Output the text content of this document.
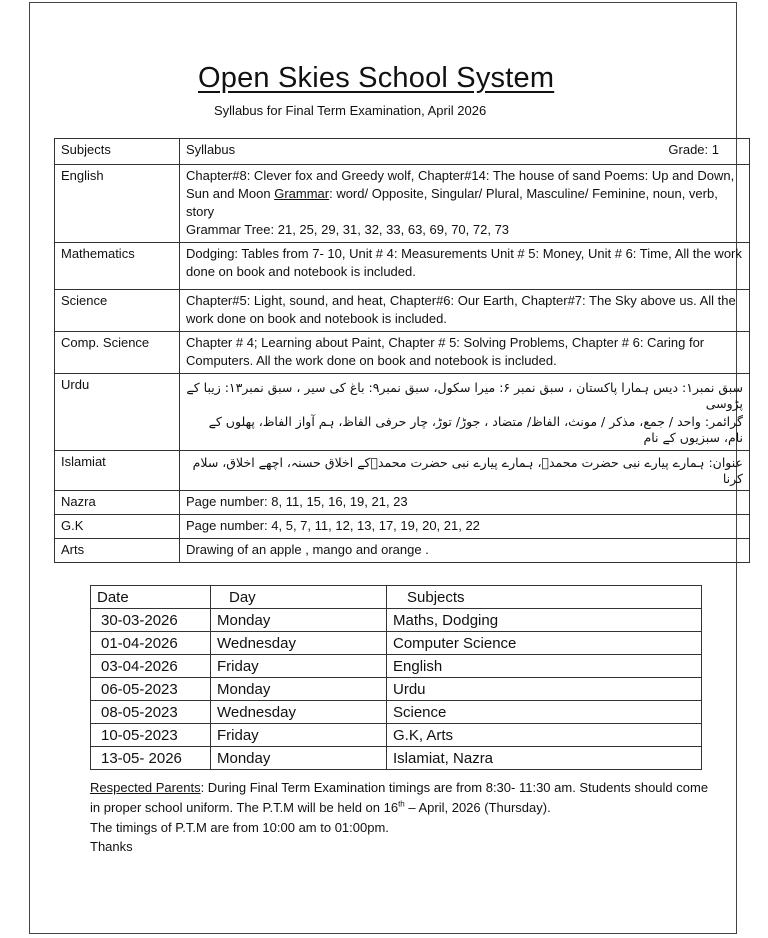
Open Skies School System
Syllabus for Final Term Examination, April 2026
Subjects	Syllabus Grade: 1

English	Chapter#8: Clever fox and Greedy wolf, Chapter#14: The house of sand Poems: Up and Down, Sun and Moon Grammar: word/ Opposite, Singular/ Plural, Masculine/ Feminine, noun, verb, story
Grammar Tree: 21, 25, 29, 31, 32, 33, 63, 69, 70, 72, 73
Mathematics	Dodging: Tables from 7- 10, Unit # 4: Measurements Unit # 5: Money, Unit # 6: Time, All the work done on book and notebook is included.
Science	Chapter#5: Light, sound, and heat, Chapter#6: Our Earth, Chapter#7: The Sky above us. All the work done on book and notebook is included.
Comp. Science	Chapter # 4; Learning about Paint, Chapter # 5: Solving Problems, Chapter # 6: Caring for Computers. All the work done on book and notebook is included.
Urdu	سبق نمبر۱: دیس ہمارا پاکستان ، سبق نمبر ۶: میرا سکول، سبق نمبر۹: باغ کی سیر ، سبق نمبر۱۳: زیبا کے پڑوسی
گرائمر: واحد / جمع، مذکر / مونث، الفاظ/ متضاد ، جوڑ/ توڑ، چار حرفی الفاظ، ہم آواز الفاظ، پھلوں کے نام، سبزیوں کے نام

Islamiat	عنوان: ہمارے پیارے نبی حضرت محمدؐ، ہمارے پیارے نبی حضرت محمدؐکے اخلاق حسنہ، اچھے اخلاق، سلام کرنا
Nazra	Page number: 8, 11, 15, 16, 19, 21, 23
G.K	Page number: 4, 5, 7, 11, 12, 13, 17, 19, 20, 21, 22
Arts	Drawing of an apple , mango and orange .
Date	Day	Subjects
30-03-2026	Monday	Maths, Dodging
01-04-2026	Wednesday	Computer Science
03-04-2026	Friday	English
06-05-2023	Monday	Urdu
08-05-2023	Wednesday	Science
10-05-2023	Friday	G.K, Arts
13-05- 2026	Monday	Islamiat, Nazra

Respected Parents: During Final Term Examination timings are from 8:30- 11:30 am. Students should come in proper school uniform. The P.T.M will be held on 16th – April, 2026 (Thursday).

The timings of P.T.M are from 10:00 am to 01:00pm.

Thanks
